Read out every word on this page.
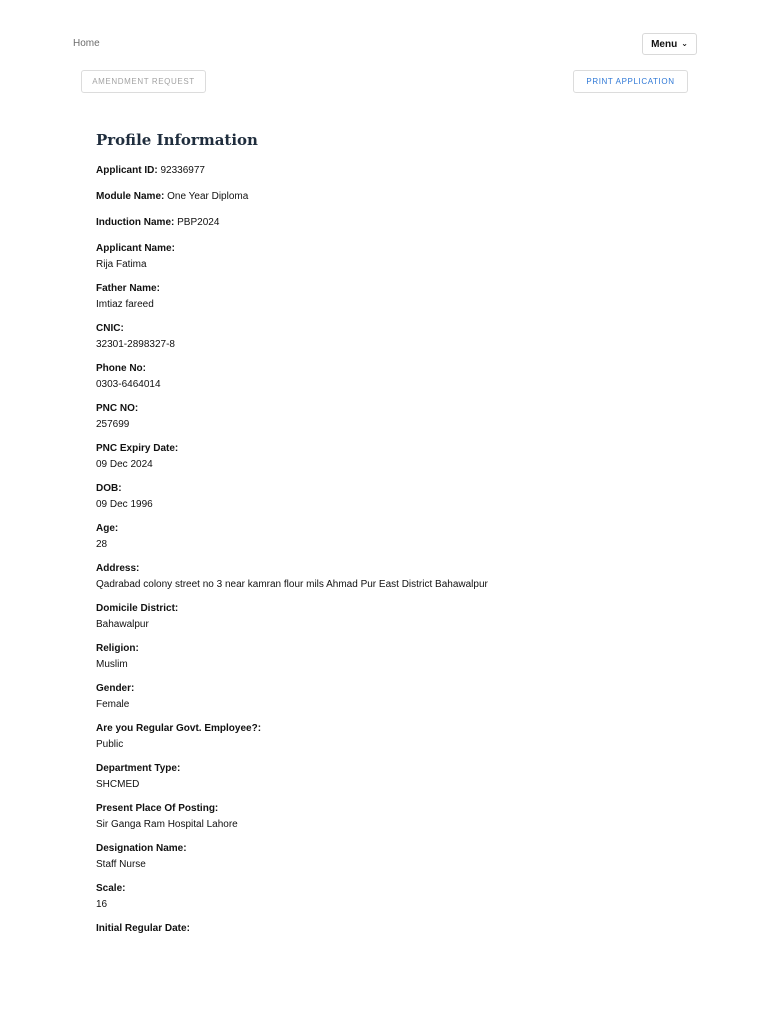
Home	Menu ⌄
AMENDMENT REQUEST	PRINT APPLICATION
Profile Information
Applicant ID: 92336977
Module Name: One Year Diploma
Induction Name: PBP2024
Applicant Name:
Rija Fatima
Father Name:
Imtiaz fareed
CNIC:
32301-2898327-8
Phone No:
0303-6464014
PNC NO:
257699
PNC Expiry Date:
09 Dec 2024
DOB:
09 Dec 1996
Age:
28
Address:
Qadrabad colony street no 3 near kamran flour mils Ahmad Pur East District Bahawalpur
Domicile District:
Bahawalpur
Religion:
Muslim
Gender:
Female
Are you Regular Govt. Employee?:
Public
Department Type:
SHCMED
Present Place Of Posting:
Sir Ganga Ram Hospital Lahore
Designation Name:
Staff Nurse
Scale:
16
Initial Regular Date:
